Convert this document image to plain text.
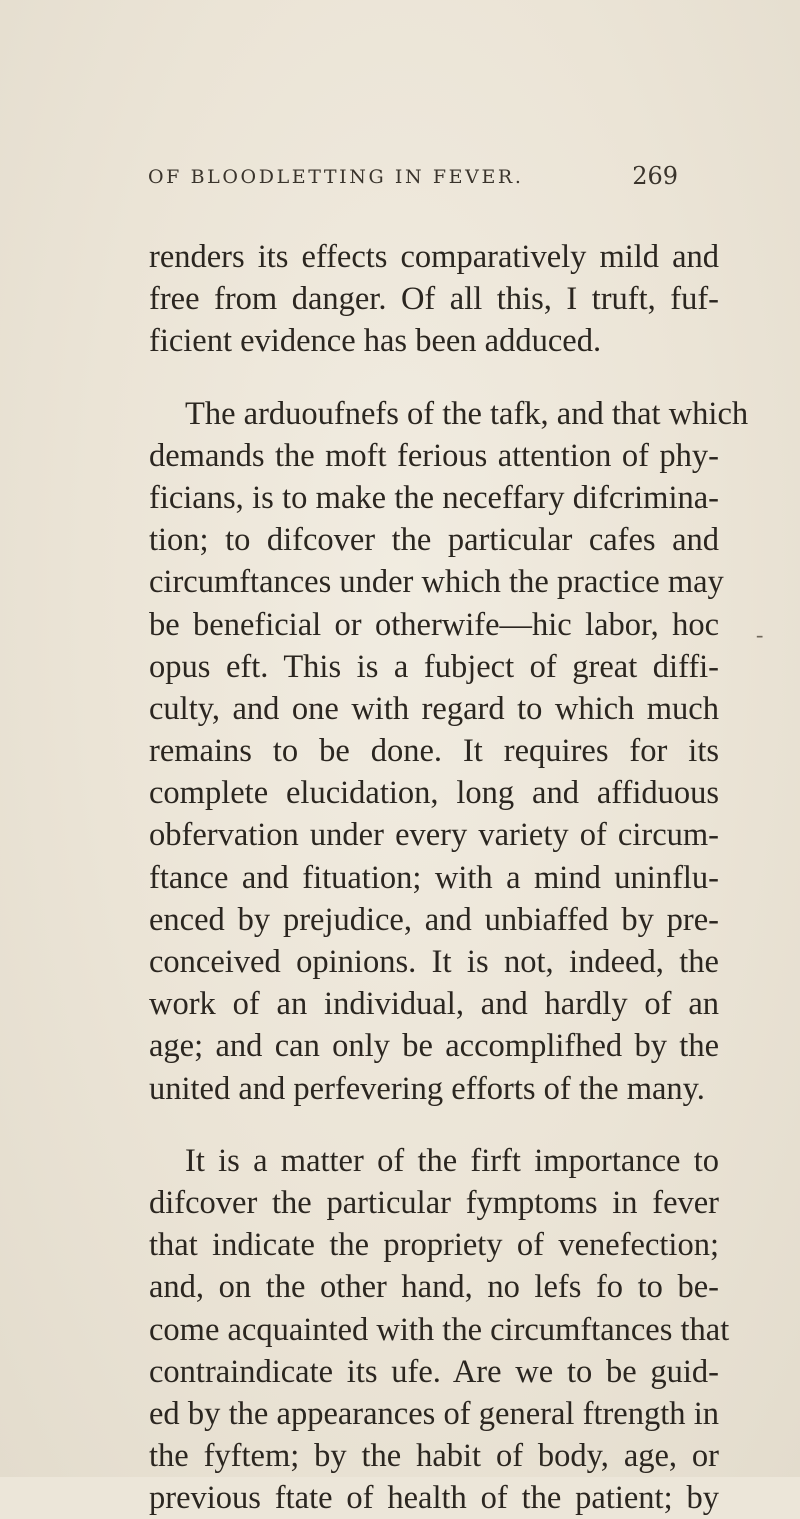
OF BLOODLETTING IN FEVER.	269

renders its effects comparatively mild and
free from danger. Of all this, I truft, fuf-
ficient evidence has been adduced.

The arduoufnefs of the tafk, and that which
demands the moft ferious attention of phy-
ficians, is to make the neceffary difcrimina-
tion; to difcover the particular cafes and
circumftances under which the practice may
be beneficial or otherwife—hic labor, hoc
opus eft. This is a fubject of great diffi-
culty, and one with regard to which much
remains to be done. It requires for its
complete elucidation, long and affiduous
obfervation under every variety of circum-
ftance and fituation; with a mind uninflu-
enced by prejudice, and unbiaffed by pre-
conceived opinions. It is not, indeed, the
work of an individual, and hardly of an
age; and can only be accomplifhed by the
united and perfevering efforts of the many.

It is a matter of the firft importance to
difcover the particular fymptoms in fever
that indicate the propriety of venefection;
and, on the other hand, no lefs fo to be-
come acquainted with the circumftances that
contraindicate its ufe. Are we to be guid-
ed by the appearances of general ftrength in
the fyftem; by the habit of body, age, or
previous ftate of health of the patient; by

-
